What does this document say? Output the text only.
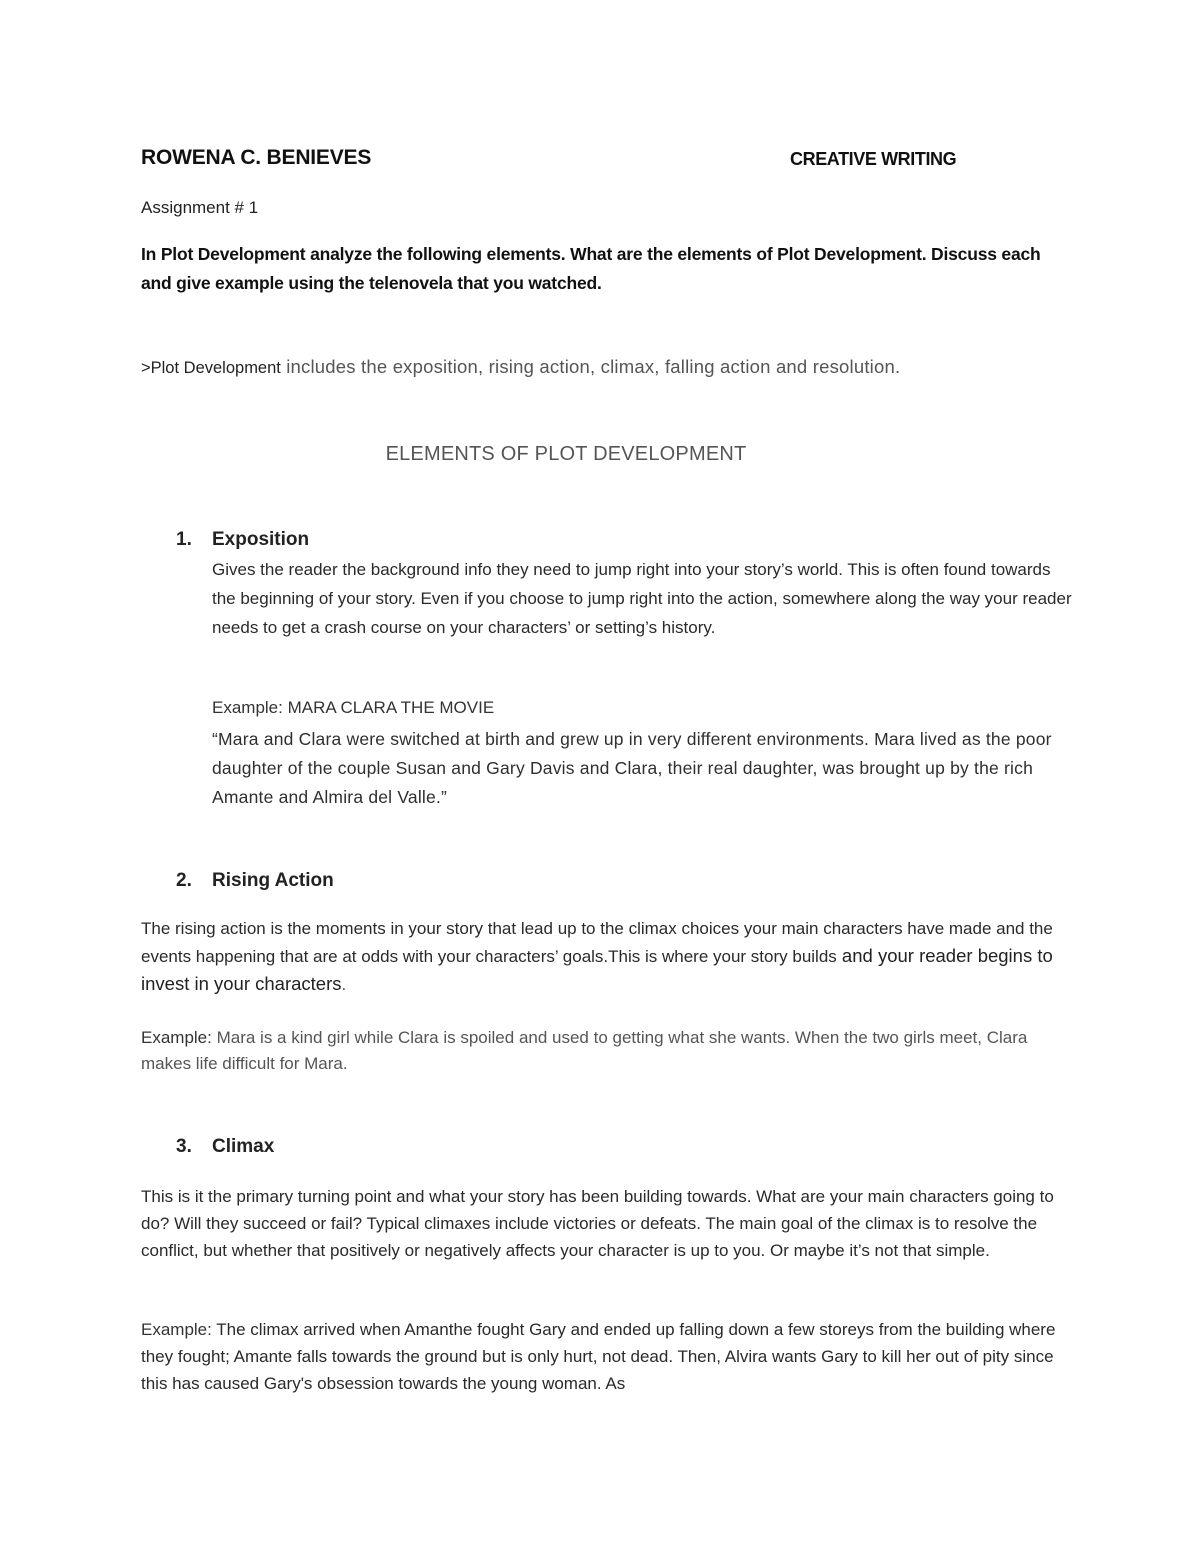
ROWENA C. BENIEVES	CREATIVE WRITING
Assignment # 1
In Plot Development analyze the following elements. What are the elements of Plot Development. Discuss each and give example using the telenovela that you watched.
>Plot Development includes the exposition, rising action, climax, falling action and resolution.
ELEMENTS OF PLOT DEVELOPMENT
1. Exposition
Gives the reader the background info they need to jump right into your story’s world. This is often found towards the beginning of your story. Even if you choose to jump right into the action, somewhere along the way your reader needs to get a crash course on your characters’ or setting’s history.
Example: MARA CLARA THE MOVIE
“Mara and Clara were switched at birth and grew up in very different environments. Mara lived as the poor daughter of the couple Susan and Gary Davis and Clara, their real daughter, was brought up by the rich Amante and Almira del Valle.”
2. Rising Action
The rising action is the moments in your story that lead up to the climax choices your main characters have made and the events happening that are at odds with your characters’ goals.This is where your story builds and your reader begins to invest in your characters.
Example: Mara is a kind girl while Clara is spoiled and used to getting what she wants. When the two girls meet, Clara makes life difficult for Mara.
3. Climax
This is it the primary turning point and what your story has been building towards. What are your main characters going to do? Will they succeed or fail? Typical climaxes include victories or defeats. The main goal of the climax is to resolve the conflict, but whether that positively or negatively affects your character is up to you. Or maybe it’s not that simple.
Example: The climax arrived when Amanthe fought Gary and ended up falling down a few storeys from the building where they fought; Amante falls towards the ground but is only hurt, not dead. Then, Alvira wants Gary to kill her out of pity since this has caused Gary's obsession towards the young woman. As
